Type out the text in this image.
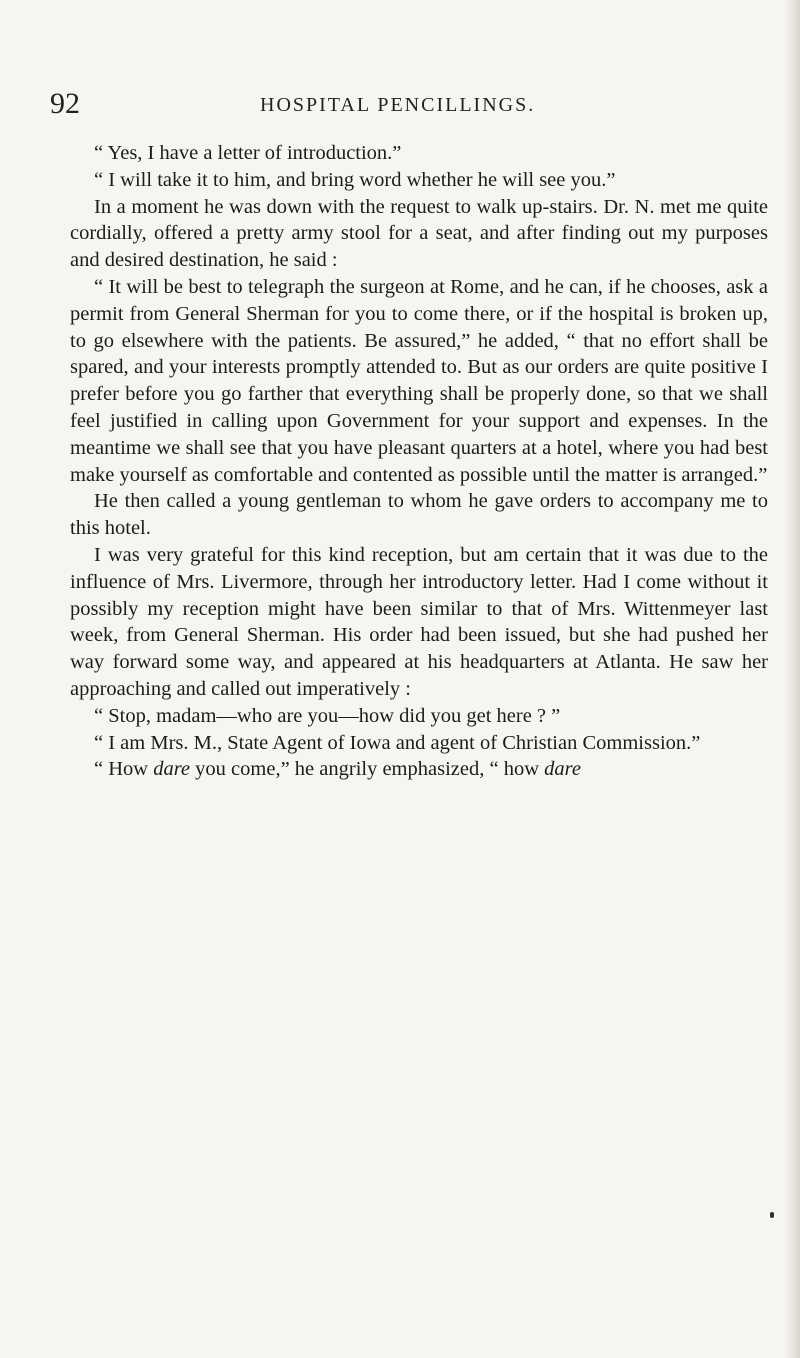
92	HOSPITAL PENCILLINGS.

“ Yes, I have a letter of introduction.”

“ I will take it to him, and bring word whether he will see you.”

In a moment he was down with the request to walk up-stairs. Dr. N. met me quite cordially, offered a pretty army stool for a seat, and after finding out my purposes and desired destination, he said :

“ It will be best to telegraph the surgeon at Rome, and he can, if he chooses, ask a permit from General Sherman for you to come there, or if the hospital is broken up, to go elsewhere with the patients. Be assured,” he added, “ that no effort shall be spared, and your interests promptly attended to. But as our orders are quite positive I prefer before you go farther that everything shall be properly done, so that we shall feel justified in calling upon Government for your support and expenses. In the meantime we shall see that you have pleasant quarters at a hotel, where you had best make yourself as comfortable and contented as possible until the matter is arranged.”

He then called a young gentleman to whom he gave orders to accompany me to this hotel.

I was very grateful for this kind reception, but am certain that it was due to the influence of Mrs. Livermore, through her introductory letter. Had I come without it possibly my reception might have been similar to that of Mrs. Wittenmeyer last week, from General Sherman. His order had been issued, but she had pushed her way forward some way, and appeared at his headquarters at Atlanta. He saw her approaching and called out imperatively :

“ Stop, madam—who are you—how did you get here ? ”

“ I am Mrs. M., State Agent of Iowa and agent of Christian Commission.”

“ How dare you come,” he angrily emphasized, “ how dare
